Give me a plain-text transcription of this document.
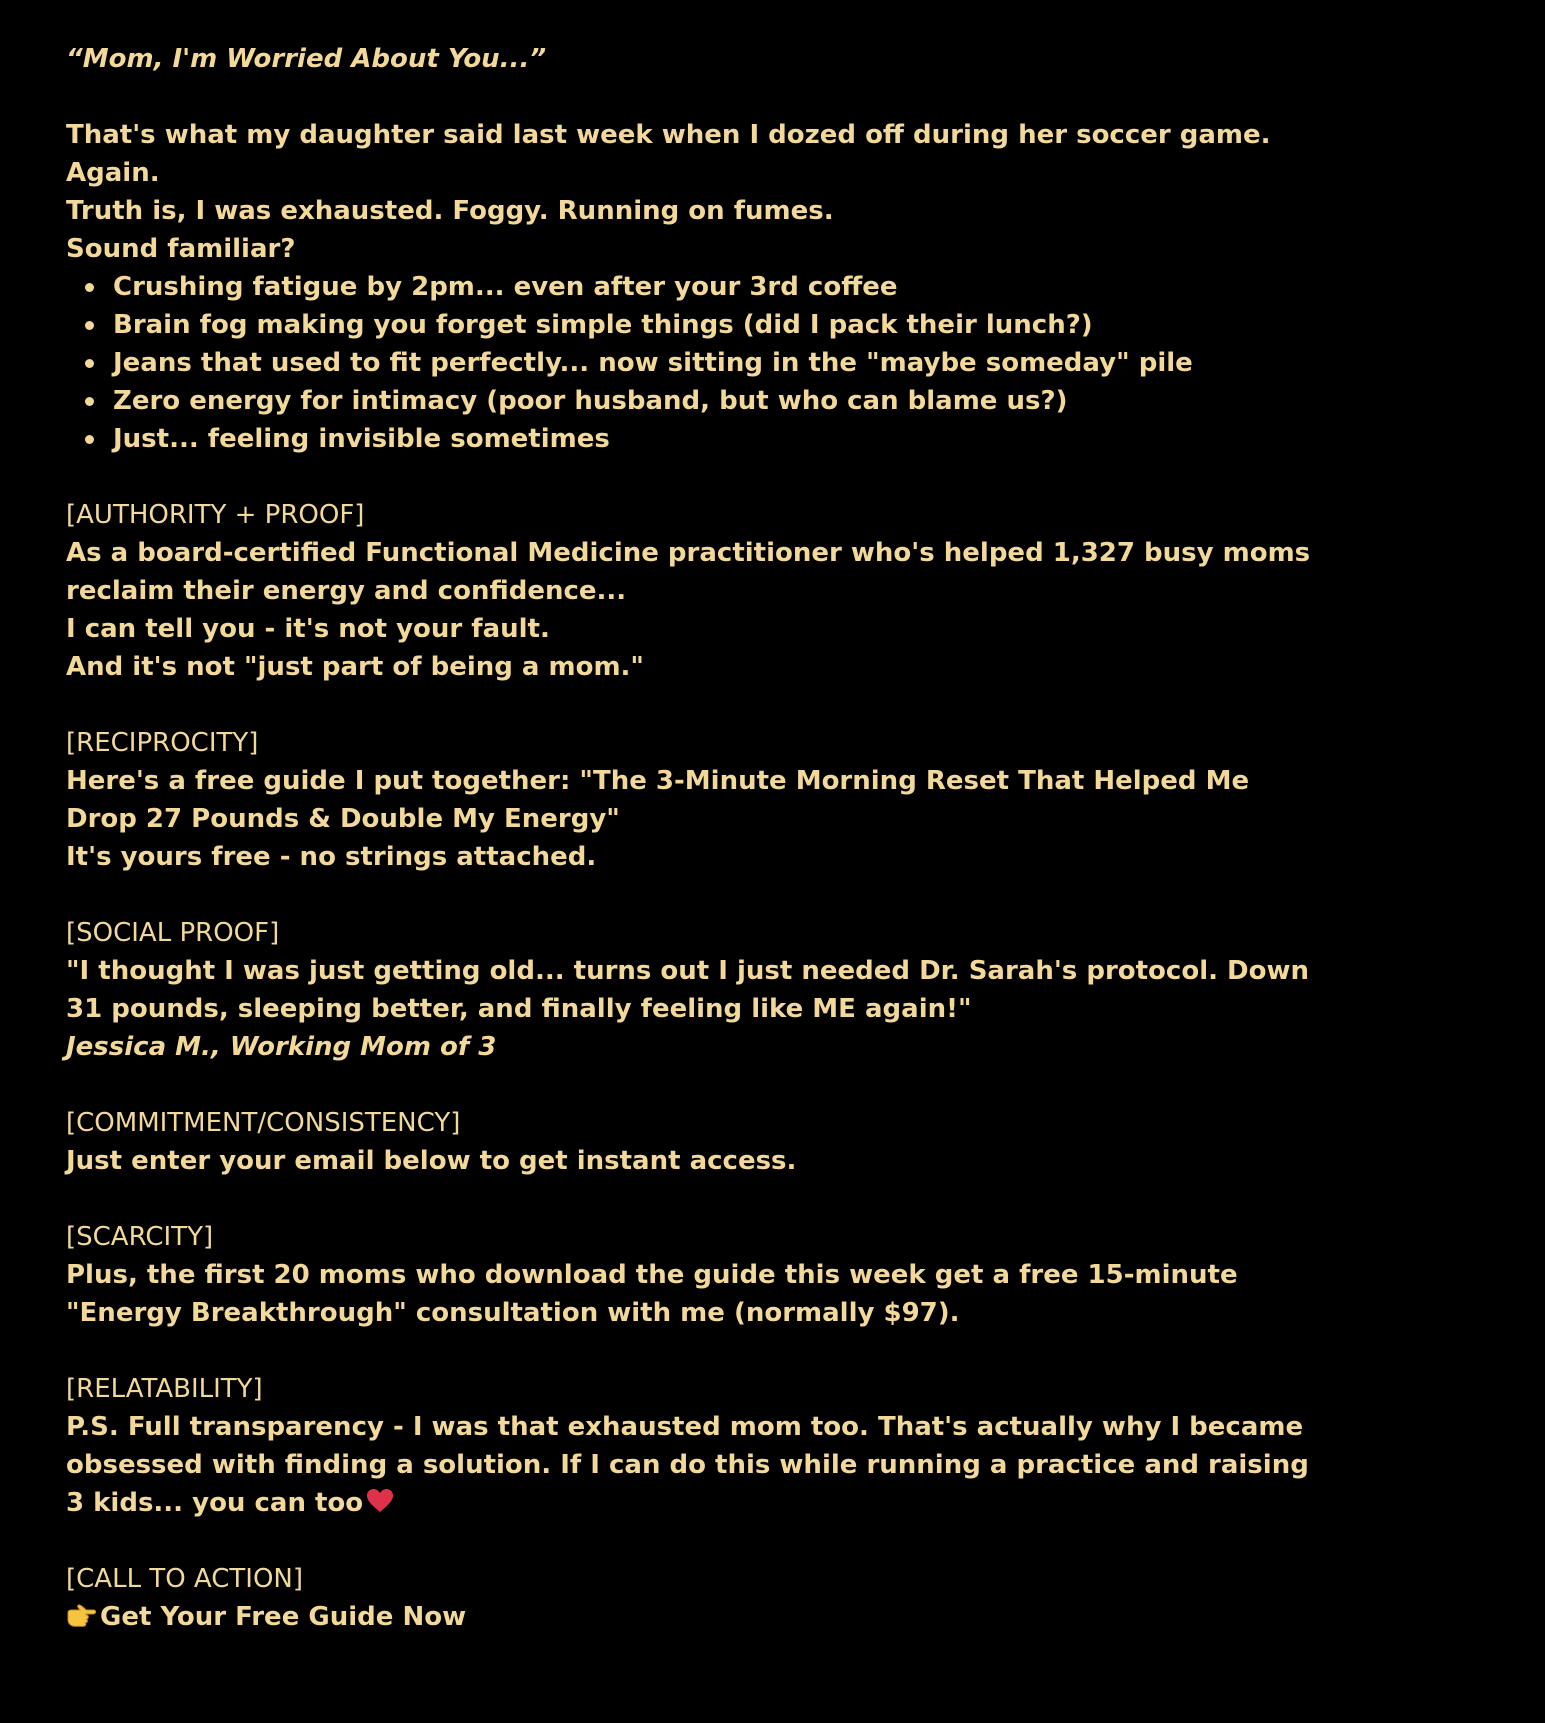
“Mom, I'm Worried About You...”

That's what my daughter said last week when I dozed off during her soccer game.

Again.

Truth is, I was exhausted. Foggy. Running on fumes.

Sound familiar?

Crushing fatigue by 2pm... even after your 3rd coffee
Brain fog making you forget simple things (did I pack their lunch?)
Jeans that used to fit perfectly... now sitting in the "maybe someday" pile
Zero energy for intimacy (poor husband, but who can blame us?)
Just... feeling invisible sometimes

[AUTHORITY + PROOF]

As a board-certified Functional Medicine practitioner who's helped 1,327 busy moms reclaim their energy and confidence...

I can tell you - it's not your fault.

And it's not "just part of being a mom."

[RECIPROCITY]

Here's a free guide I put together: "The 3-Minute Morning Reset That Helped Me Drop 27 Pounds & Double My Energy"

It's yours free - no strings attached.

[SOCIAL PROOF]

"I thought I was just getting old... turns out I just needed Dr. Sarah's protocol. Down 31 pounds, sleeping better, and finally feeling like ME again!"

Jessica M., Working Mom of 3

[COMMITMENT/CONSISTENCY]

Just enter your email below to get instant access.

[SCARCITY]

Plus, the first 20 moms who download the guide this week get a free 15-minute "Energy Breakthrough" consultation with me (normally $97).

[RELATABILITY]

P.S. Full transparency - I was that exhausted mom too. That's actually why I became obsessed with finding a solution. If I can do this while running a practice and raising 3 kids... you can too

[CALL TO ACTION]

Get Your Free Guide Now
